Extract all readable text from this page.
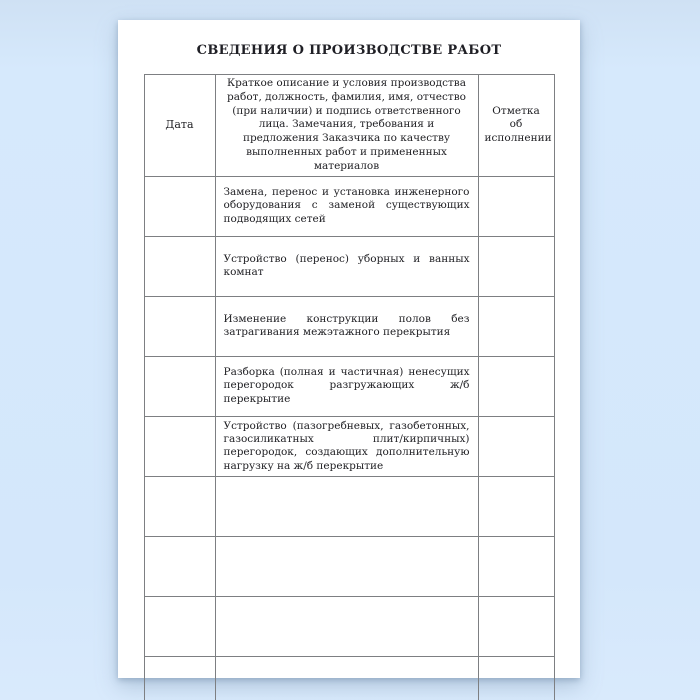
СВЕДЕНИЯ О ПРОИЗВОДСТВЕ РАБОТ
Дата	Краткое описание и условия производства работ, должность, фамилия, имя, отчество (при наличии) и подпись ответственного лица. Замечания, требования и предложения Заказчика по качеству выполненных работ и примененных материалов	Отметка об исполнении
	Замена, перенос и установка инженерного оборудования с заменой существующих подводящих сетей	
	Устройство (перенос) уборных и ванных комнат	
	Изменение конструкции полов без затрагивания межэтажного перекрытия	
	Разборка (полная и частичная) ненесущих перегородок разгружающих ж/б перекрытие	
	Устройство (пазогребневых, газобетонных, газосиликатных плит/кирпичных) перегородок, создающих дополнительную нагрузку на ж/б перекрытие	
